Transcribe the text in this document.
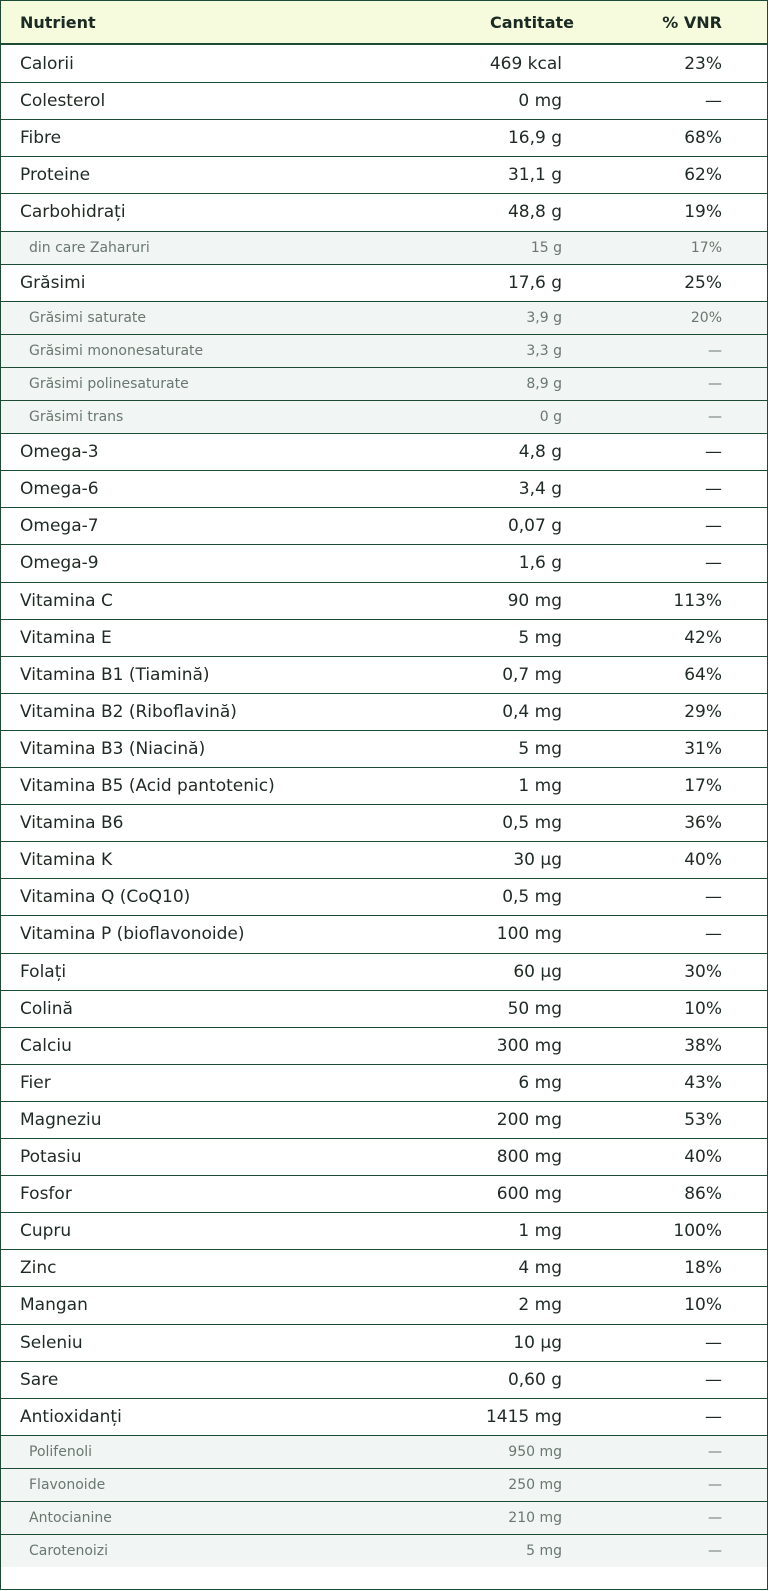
Nutrient	Cantitate	% VNR
Calorii	469 kcal	23%
Colesterol	0 mg	—
Fibre	16,9 g	68%
Proteine	31,1 g	62%
Carbohidrați	48,8 g	19%
din care Zaharuri	15 g	17%
Grăsimi	17,6 g	25%
Grăsimi saturate	3,9 g	20%
Grăsimi mononesaturate	3,3 g	—
Grăsimi polinesaturate	8,9 g	—
Grăsimi trans	0 g	—
Omega-3	4,8 g	—
Omega-6	3,4 g	—
Omega-7	0,07 g	—
Omega-9	1,6 g	—
Vitamina C	90 mg	113%
Vitamina E	5 mg	42%
Vitamina B1 (Tiamină)	0,7 mg	64%
Vitamina B2 (Riboflavină)	0,4 mg	29%
Vitamina B3 (Niacină)	5 mg	31%
Vitamina B5 (Acid pantotenic)	1 mg	17%
Vitamina B6	0,5 mg	36%
Vitamina K	30 µg	40%
Vitamina Q (CoQ10)	0,5 mg	—
Vitamina P (bioflavonoide)	100 mg	—
Folați	60 µg	30%
Colină	50 mg	10%
Calciu	300 mg	38%
Fier	6 mg	43%
Magneziu	200 mg	53%
Potasiu	800 mg	40%
Fosfor	600 mg	86%
Cupru	1 mg	100%
Zinc	4 mg	18%
Mangan	2 mg	10%
Seleniu	10 µg	—
Sare	0,60 g	—
Antioxidanți	1415 mg	—
Polifenoli	950 mg	—
Flavonoide	250 mg	—
Antocianine	210 mg	—
Carotenoizi	5 mg	—
